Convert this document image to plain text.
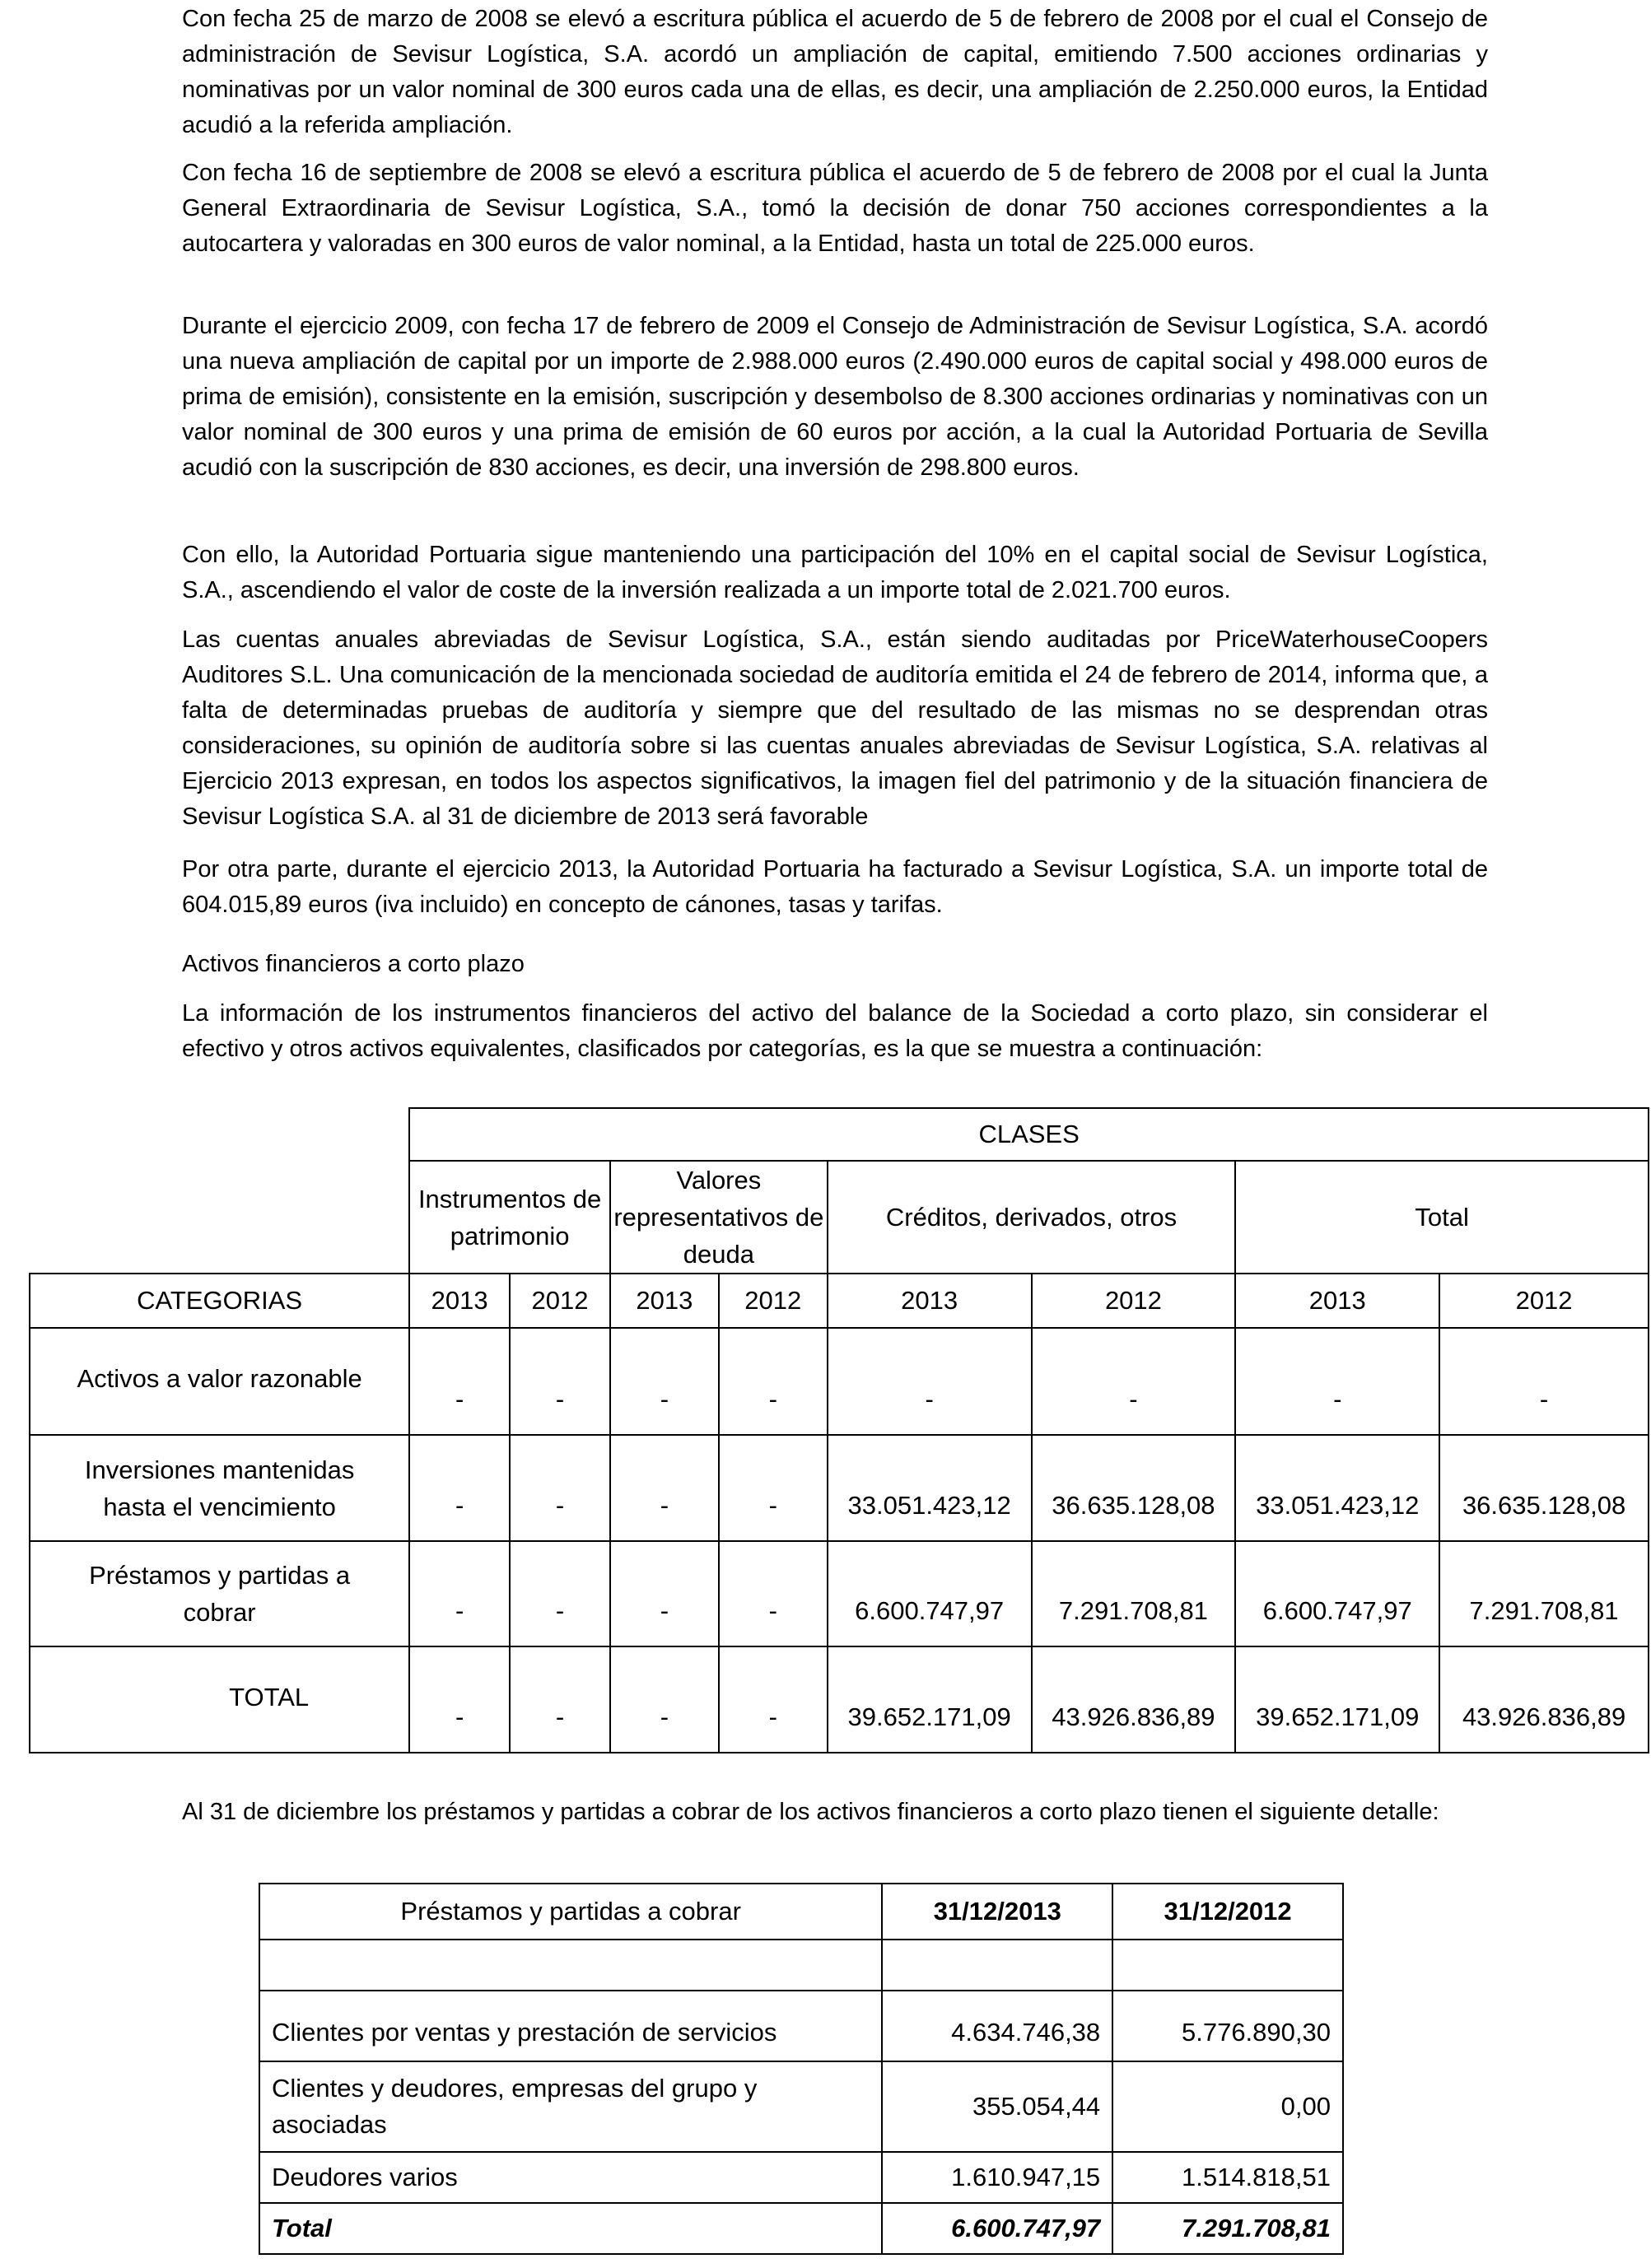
Con fecha 25 de marzo de 2008 se elevó a escritura pública el acuerdo de 5 de febrero de 2008 por el cual el Consejo de administración de Sevisur Logística, S.A. acordó un ampliación de capital, emitiendo 7.500 acciones ordinarias y nominativas por un valor nominal de 300 euros cada una de ellas, es decir, una ampliación de 2.250.000 euros, la Entidad acudió a la referida ampliación.

Con fecha 16 de septiembre de 2008 se elevó a escritura pública el acuerdo de 5 de febrero de 2008 por el cual la Junta General Extraordinaria de Sevisur Logística, S.A., tomó la decisión de donar 750 acciones correspondientes a la autocartera y valoradas en 300 euros de valor nominal, a la Entidad, hasta un total de 225.000 euros.

Durante el ejercicio 2009, con fecha 17 de febrero de 2009 el Consejo de Administración de Sevisur Logística, S.A. acordó una nueva ampliación de capital por un importe de 2.988.000 euros (2.490.000 euros de capital social y 498.000 euros de prima de emisión), consistente en la emisión, suscripción y desembolso de 8.300 acciones ordinarias y nominativas con un valor nominal de 300 euros y una prima de emisión de 60 euros por acción, a la cual la Autoridad Portuaria de Sevilla acudió con la suscripción de 830 acciones, es decir, una inversión de 298.800 euros.

Con ello, la Autoridad Portuaria sigue manteniendo una participación del 10% en el capital social de Sevisur Logística, S.A., ascendiendo el valor de coste de la inversión realizada a un importe total de 2.021.700 euros.

Las cuentas anuales abreviadas de Sevisur Logística, S.A., están siendo auditadas por PriceWaterhouseCoopers Auditores S.L. Una comunicación de la mencionada sociedad de auditoría emitida el 24 de febrero de 2014, informa que, a falta de determinadas pruebas de auditoría y siempre que del resultado de las mismas no se desprendan otras consideraciones, su opinión de auditoría sobre si las cuentas anuales abreviadas de Sevisur Logística, S.A. relativas al Ejercicio 2013 expresan, en todos los aspectos significativos, la imagen fiel del patrimonio y de la situación financiera de Sevisur Logística S.A. al 31 de diciembre de 2013 será favorable

Por otra parte, durante el ejercicio 2013, la Autoridad Portuaria ha facturado a Sevisur Logística, S.A. un importe total de 604.015,89 euros (iva incluido) en concepto de cánones, tasas y tarifas.

Activos financieros a corto plazo

La información de los instrumentos financieros del activo del balance de la Sociedad a corto plazo, sin considerar el efectivo y otros activos equivalentes, clasificados por categorías, es la que se muestra a continuación:

	CLASES							
	Instrumentos de patrimonio		Valores representativos de deuda		Créditos, derivados, otros		Total	
CATEGORIAS	2013	2012	2013	2012	2013	2012	2013	2012
Activos a valor razonable	-	-	-	-	-	-	-	-
Inversiones mantenidas hasta el vencimiento	-	-	-	-	33.051.423,12	36.635.128,08	33.051.423,12	36.635.128,08
Préstamos y partidas a cobrar	-	-	-	-	6.600.747,97	7.291.708,81	6.600.747,97	7.291.708,81
TOTAL	-	-	-	-	39.652.171,09	43.926.836,89	39.652.171,09	43.926.836,89

Al 31 de diciembre los préstamos y partidas a cobrar de los activos financieros a corto plazo tienen el siguiente detalle:

Préstamos y partidas a cobrar	31/12/2013	31/12/2012

Clientes por ventas y prestación de servicios	4.634.746,38	5.776.890,30
Clientes y deudores, empresas del grupo y asociadas	355.054,44	0,00
Deudores varios	1.610.947,15	1.514.818,51
Total	6.600.747,97	7.291.708,81
